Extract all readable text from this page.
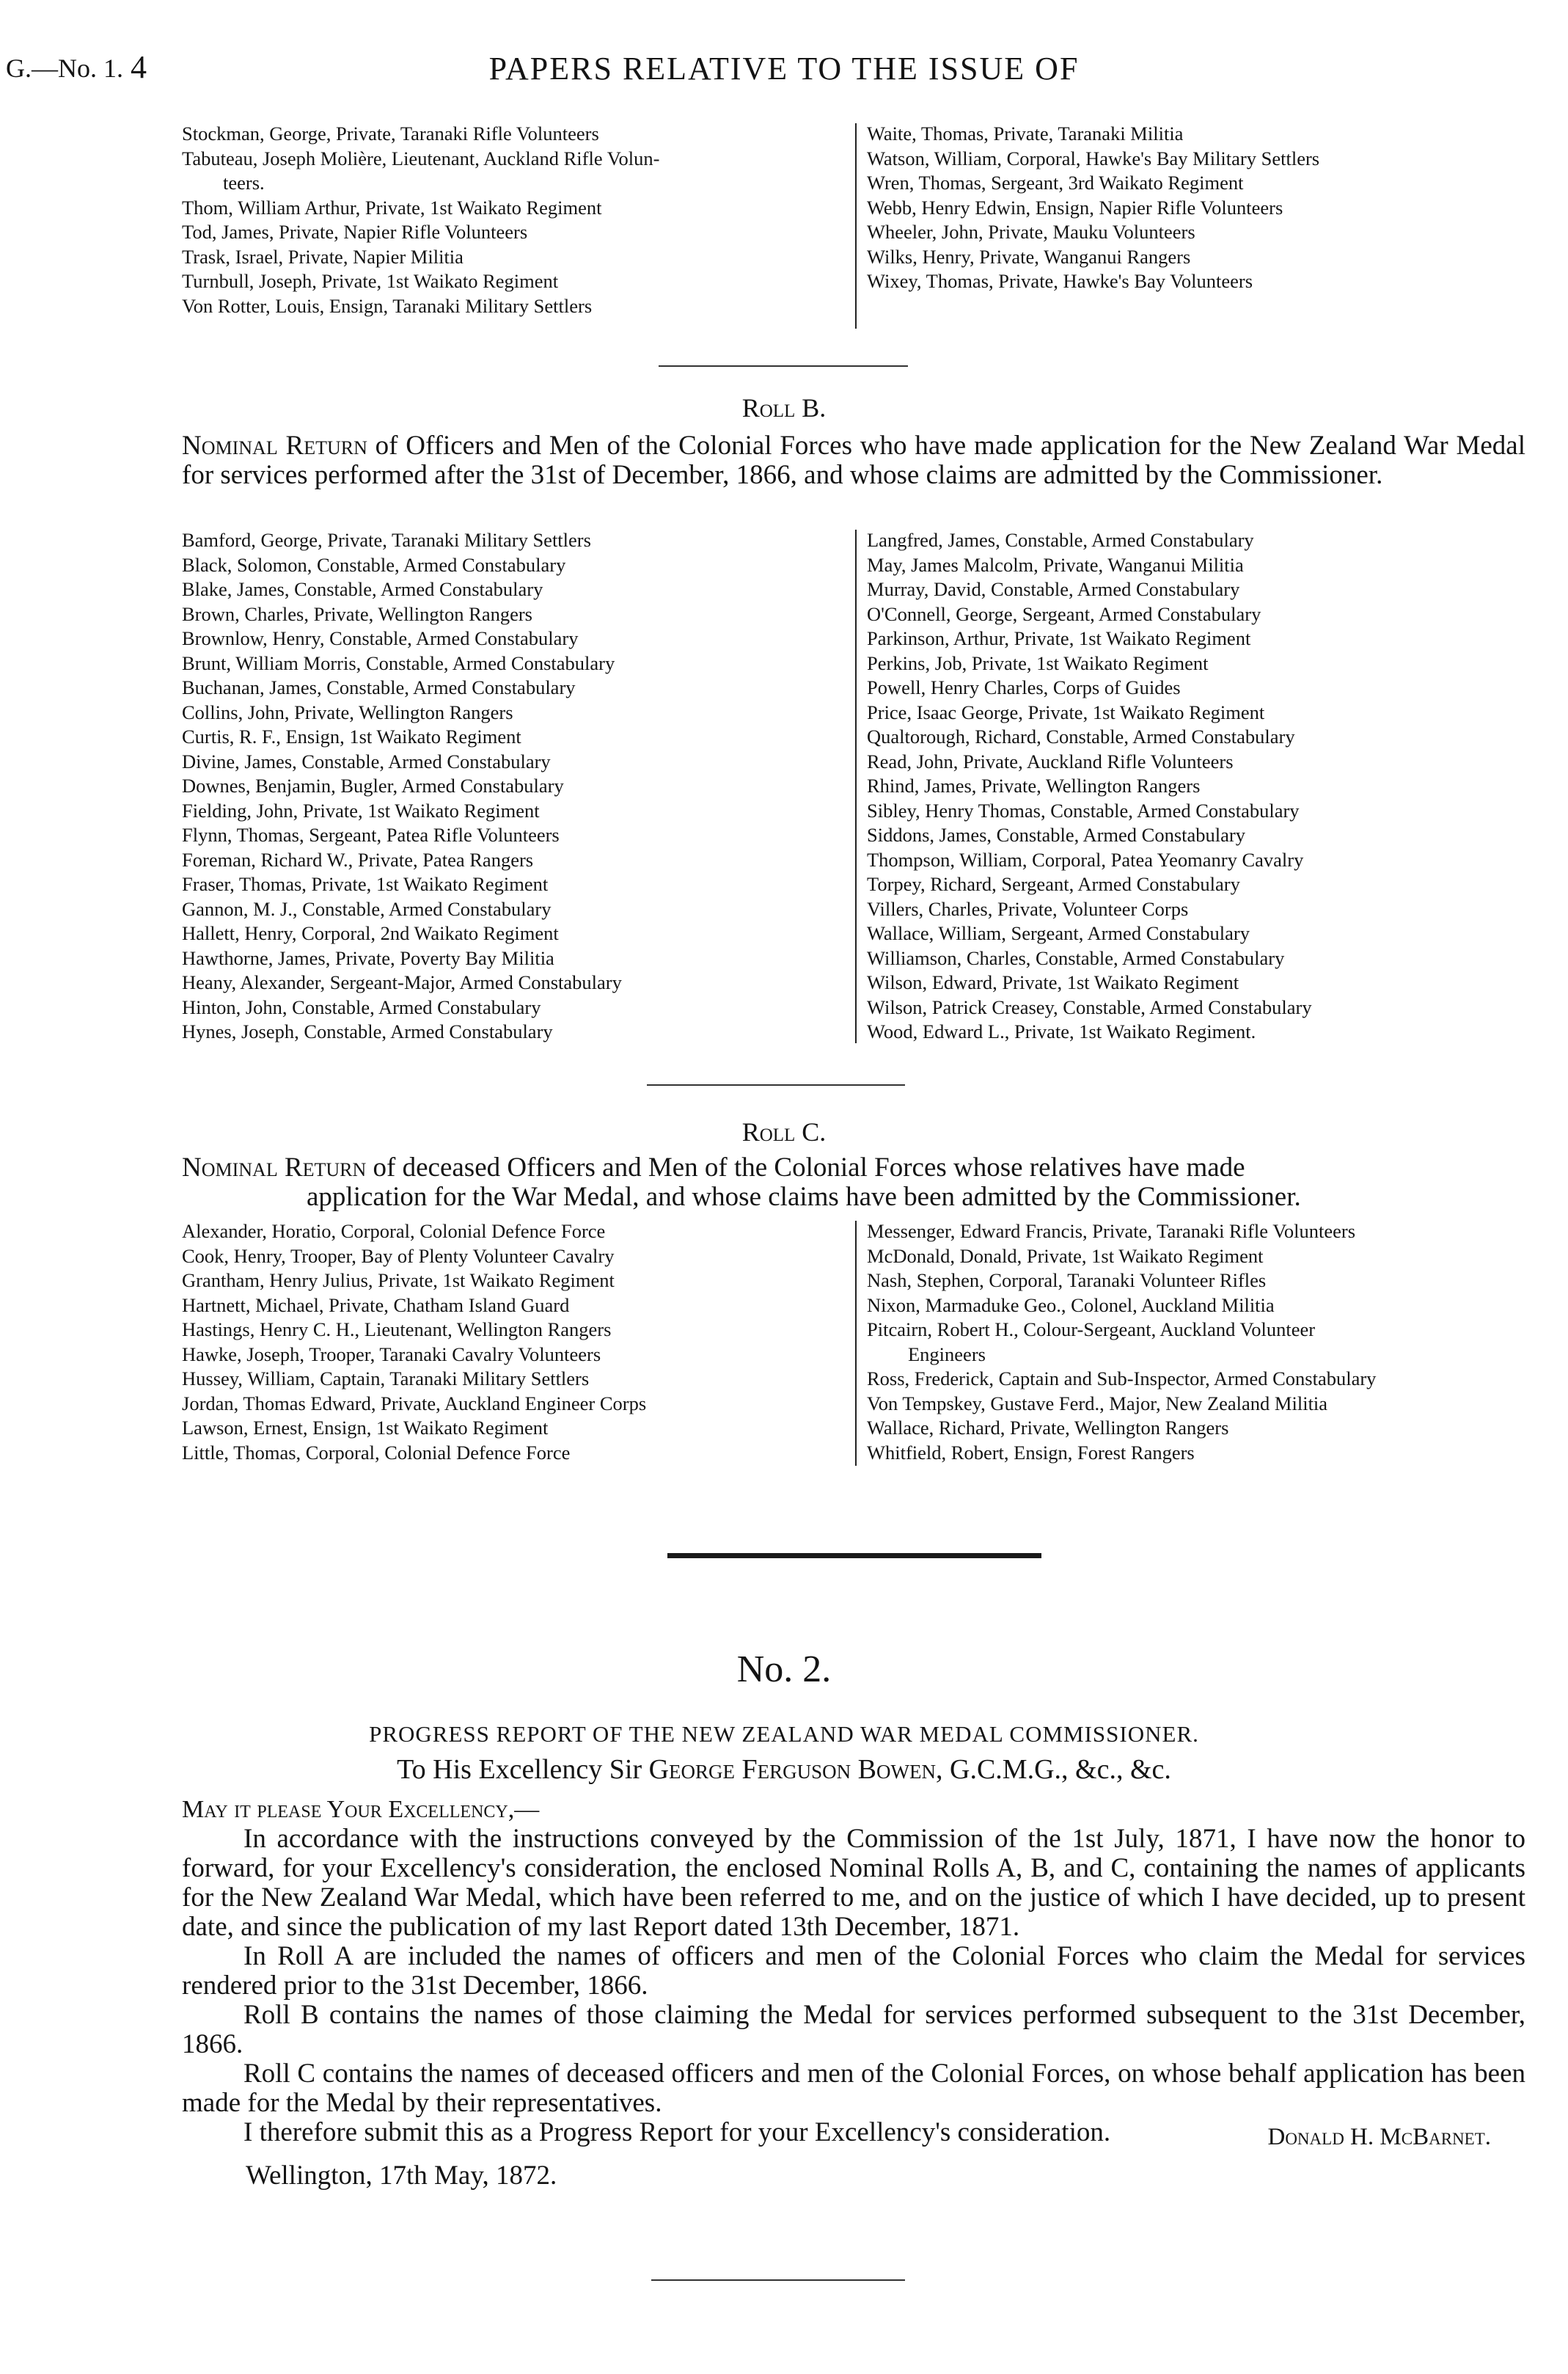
G.—No. 1. 4	PAPERS RELATIVE TO THE ISSUE OF
Stockman, George, Private, Taranaki Rifle Volunteers
Tabuteau, Joseph Molière, Lieutenant, Auckland Rifle Volun-
teers.
Thom, William Arthur, Private, 1st Waikato Regiment
Tod, James, Private, Napier Rifle Volunteers
Trask, Israel, Private, Napier Militia
Turnbull, Joseph, Private, 1st Waikato Regiment
Von Rotter, Louis, Ensign, Taranaki Military Settlers
Waite, Thomas, Private, Taranaki Militia
Watson, William, Corporal, Hawke's Bay Military Settlers
Wren, Thomas, Sergeant, 3rd Waikato Regiment
Webb, Henry Edwin, Ensign, Napier Rifle Volunteers
Wheeler, John, Private, Mauku Volunteers
Wilks, Henry, Private, Wanganui Rangers
Wixey, Thomas, Private, Hawke's Bay Volunteers
Roll B.
Nominal Return of Officers and Men of the Colonial Forces who have made application for the New Zealand War Medal for services performed after the 31st of December, 1866, and whose claims are admitted by the Commissioner.
Bamford, George, Private, Taranaki Military Settlers
Black, Solomon, Constable, Armed Constabulary
Blake, James, Constable, Armed Constabulary
Brown, Charles, Private, Wellington Rangers
Brownlow, Henry, Constable, Armed Constabulary
Brunt, William Morris, Constable, Armed Constabulary
Buchanan, James, Constable, Armed Constabulary
Collins, John, Private, Wellington Rangers
Curtis, R. F., Ensign, 1st Waikato Regiment
Divine, James, Constable, Armed Constabulary
Downes, Benjamin, Bugler, Armed Constabulary
Fielding, John, Private, 1st Waikato Regiment
Flynn, Thomas, Sergeant, Patea Rifle Volunteers
Foreman, Richard W., Private, Patea Rangers
Fraser, Thomas, Private, 1st Waikato Regiment
Gannon, M. J., Constable, Armed Constabulary
Hallett, Henry, Corporal, 2nd Waikato Regiment
Hawthorne, James, Private, Poverty Bay Militia
Heany, Alexander, Sergeant-Major, Armed Constabulary
Hinton, John, Constable, Armed Constabulary
Hynes, Joseph, Constable, Armed Constabulary
Langfred, James, Constable, Armed Constabulary
May, James Malcolm, Private, Wanganui Militia
Murray, David, Constable, Armed Constabulary
O'Connell, George, Sergeant, Armed Constabulary
Parkinson, Arthur, Private, 1st Waikato Regiment
Perkins, Job, Private, 1st Waikato Regiment
Powell, Henry Charles, Corps of Guides
Price, Isaac George, Private, 1st Waikato Regiment
Qualtorough, Richard, Constable, Armed Constabulary
Read, John, Private, Auckland Rifle Volunteers
Rhind, James, Private, Wellington Rangers
Sibley, Henry Thomas, Constable, Armed Constabulary
Siddons, James, Constable, Armed Constabulary
Thompson, William, Corporal, Patea Yeomanry Cavalry
Torpey, Richard, Sergeant, Armed Constabulary
Villers, Charles, Private, Volunteer Corps
Wallace, William, Sergeant, Armed Constabulary
Williamson, Charles, Constable, Armed Constabulary
Wilson, Edward, Private, 1st Waikato Regiment
Wilson, Patrick Creasey, Constable, Armed Constabulary
Wood, Edward L., Private, 1st Waikato Regiment.
Roll C.
Nominal Return of deceased Officers and Men of the Colonial Forces whose relatives have made
application for the War Medal, and whose claims have been admitted by the Commissioner.
Alexander, Horatio, Corporal, Colonial Defence Force
Cook, Henry, Trooper, Bay of Plenty Volunteer Cavalry
Grantham, Henry Julius, Private, 1st Waikato Regiment
Hartnett, Michael, Private, Chatham Island Guard
Hastings, Henry C. H., Lieutenant, Wellington Rangers
Hawke, Joseph, Trooper, Taranaki Cavalry Volunteers
Hussey, William, Captain, Taranaki Military Settlers
Jordan, Thomas Edward, Private, Auckland Engineer Corps
Lawson, Ernest, Ensign, 1st Waikato Regiment
Little, Thomas, Corporal, Colonial Defence Force
Messenger, Edward Francis, Private, Taranaki Rifle Volunteers
McDonald, Donald, Private, 1st Waikato Regiment
Nash, Stephen, Corporal, Taranaki Volunteer Rifles
Nixon, Marmaduke Geo., Colonel, Auckland Militia
Pitcairn, Robert H., Colour-Sergeant, Auckland Volunteer
Engineers
Ross, Frederick, Captain and Sub-Inspector, Armed Constabulary
Von Tempskey, Gustave Ferd., Major, New Zealand Militia
Wallace, Richard, Private, Wellington Rangers
Whitfield, Robert, Ensign, Forest Rangers
No. 2.
PROGRESS REPORT OF THE NEW ZEALAND WAR MEDAL COMMISSIONER.
To His Excellency Sir George Ferguson Bowen, G.C.M.G., &c., &c.
May it please Your Excellency,—

In accordance with the instructions conveyed by the Commission of the 1st July, 1871, I have now the honor to forward, for your Excellency's consideration, the enclosed Nominal Rolls A, B, and C, containing the names of applicants for the New Zealand War Medal, which have been referred to me, and on the justice of which I have decided, up to present date, and since the publication of my last Report dated 13th December, 1871.

In Roll A are included the names of officers and men of the Colonial Forces who claim the Medal for services rendered prior to the 31st December, 1866.

Roll B contains the names of those claiming the Medal for services performed subsequent to the 31st December, 1866.

Roll C contains the names of deceased officers and men of the Colonial Forces, on whose behalf application has been made for the Medal by their representatives.

I therefore submit this as a Progress Report for your Excellency's consideration.	Donald H. McBarnet.
Wellington, 17th May, 1872.
